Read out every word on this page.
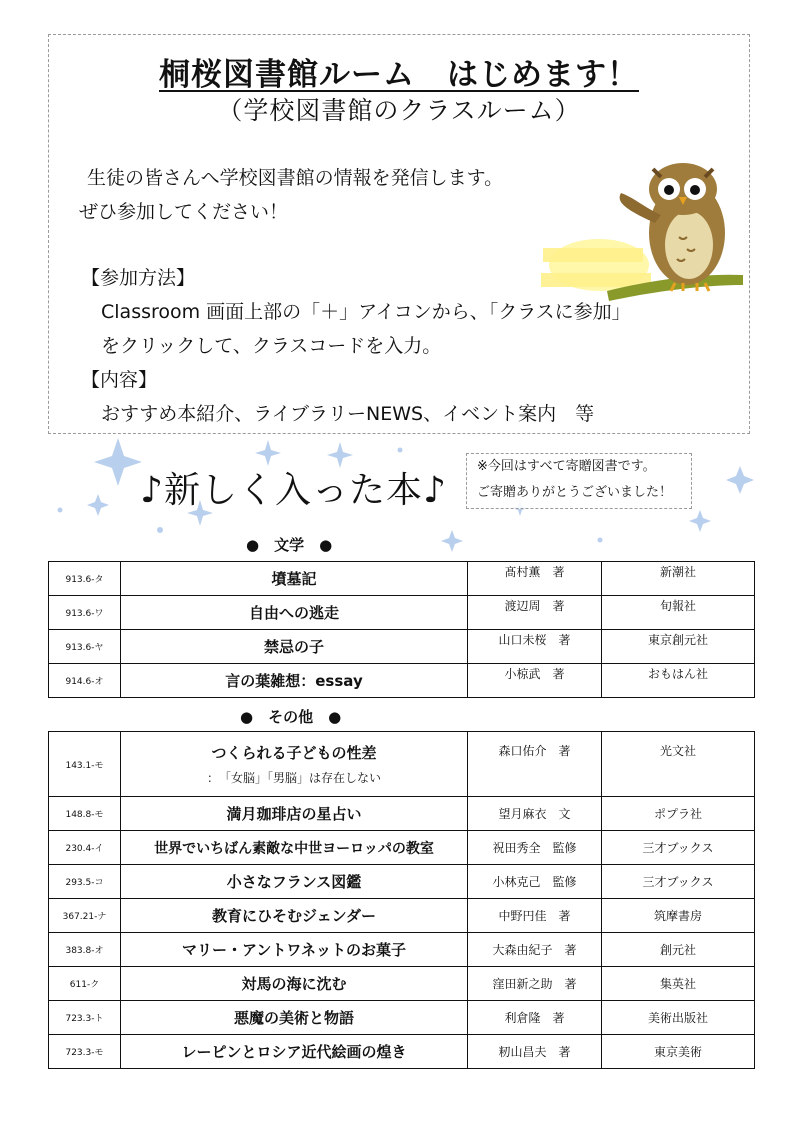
桐桜図書館ルーム　はじめます！
（学校図書館のクラスルーム）
生徒の皆さんへ学校図書館の情報を発信します。
ぜひ参加してください！
【参加方法】
Classroom 画面上部の「＋」アイコンから、「クラスに参加」
をクリックして、クラスコードを入力。
【内容】
おすすめ本紹介、ライブラリーNEWS、イベント案内　等
♪新しく入った本♪
※今回はすべて寄贈図書です。
ご寄贈ありがとうございました！
●　文学　●
913.6-タ	墳墓記	髙村薫　著	新潮社

913.6-ワ	自由への逃走	渡辺周　著	旬報社

913.6-ヤ	禁忌の子	山口未桜　著	東京創元社

914.6-オ	言の葉雑想：essay	小椋武　著	おもはん社
●　その他　●
143.1-モ	つくられる子どもの性差
：　「女脳」「男脳」は存在しない	森口佑介　著	光文社
148.8-モ	満月珈琲店の星占い	望月麻衣　文	ポプラ社
230.4-イ	世界でいちばん素敵な中世ヨーロッパの教室	祝田秀全　監修	三才ブックス
293.5-コ	小さなフランス図鑑	小林克己　監修	三才ブックス
367.21-ナ	教育にひそむジェンダー	中野円佳　著	筑摩書房
383.8-オ	マリー・アントワネットのお菓子	大森由紀子　著	創元社
611-ク	対馬の海に沈む	窪田新之助　著	集英社
723.3-ト	悪魔の美術と物語	利倉隆　著	美術出版社
723.3-モ	レーピンとロシア近代絵画の煌き	籾山昌夫　著	東京美術
